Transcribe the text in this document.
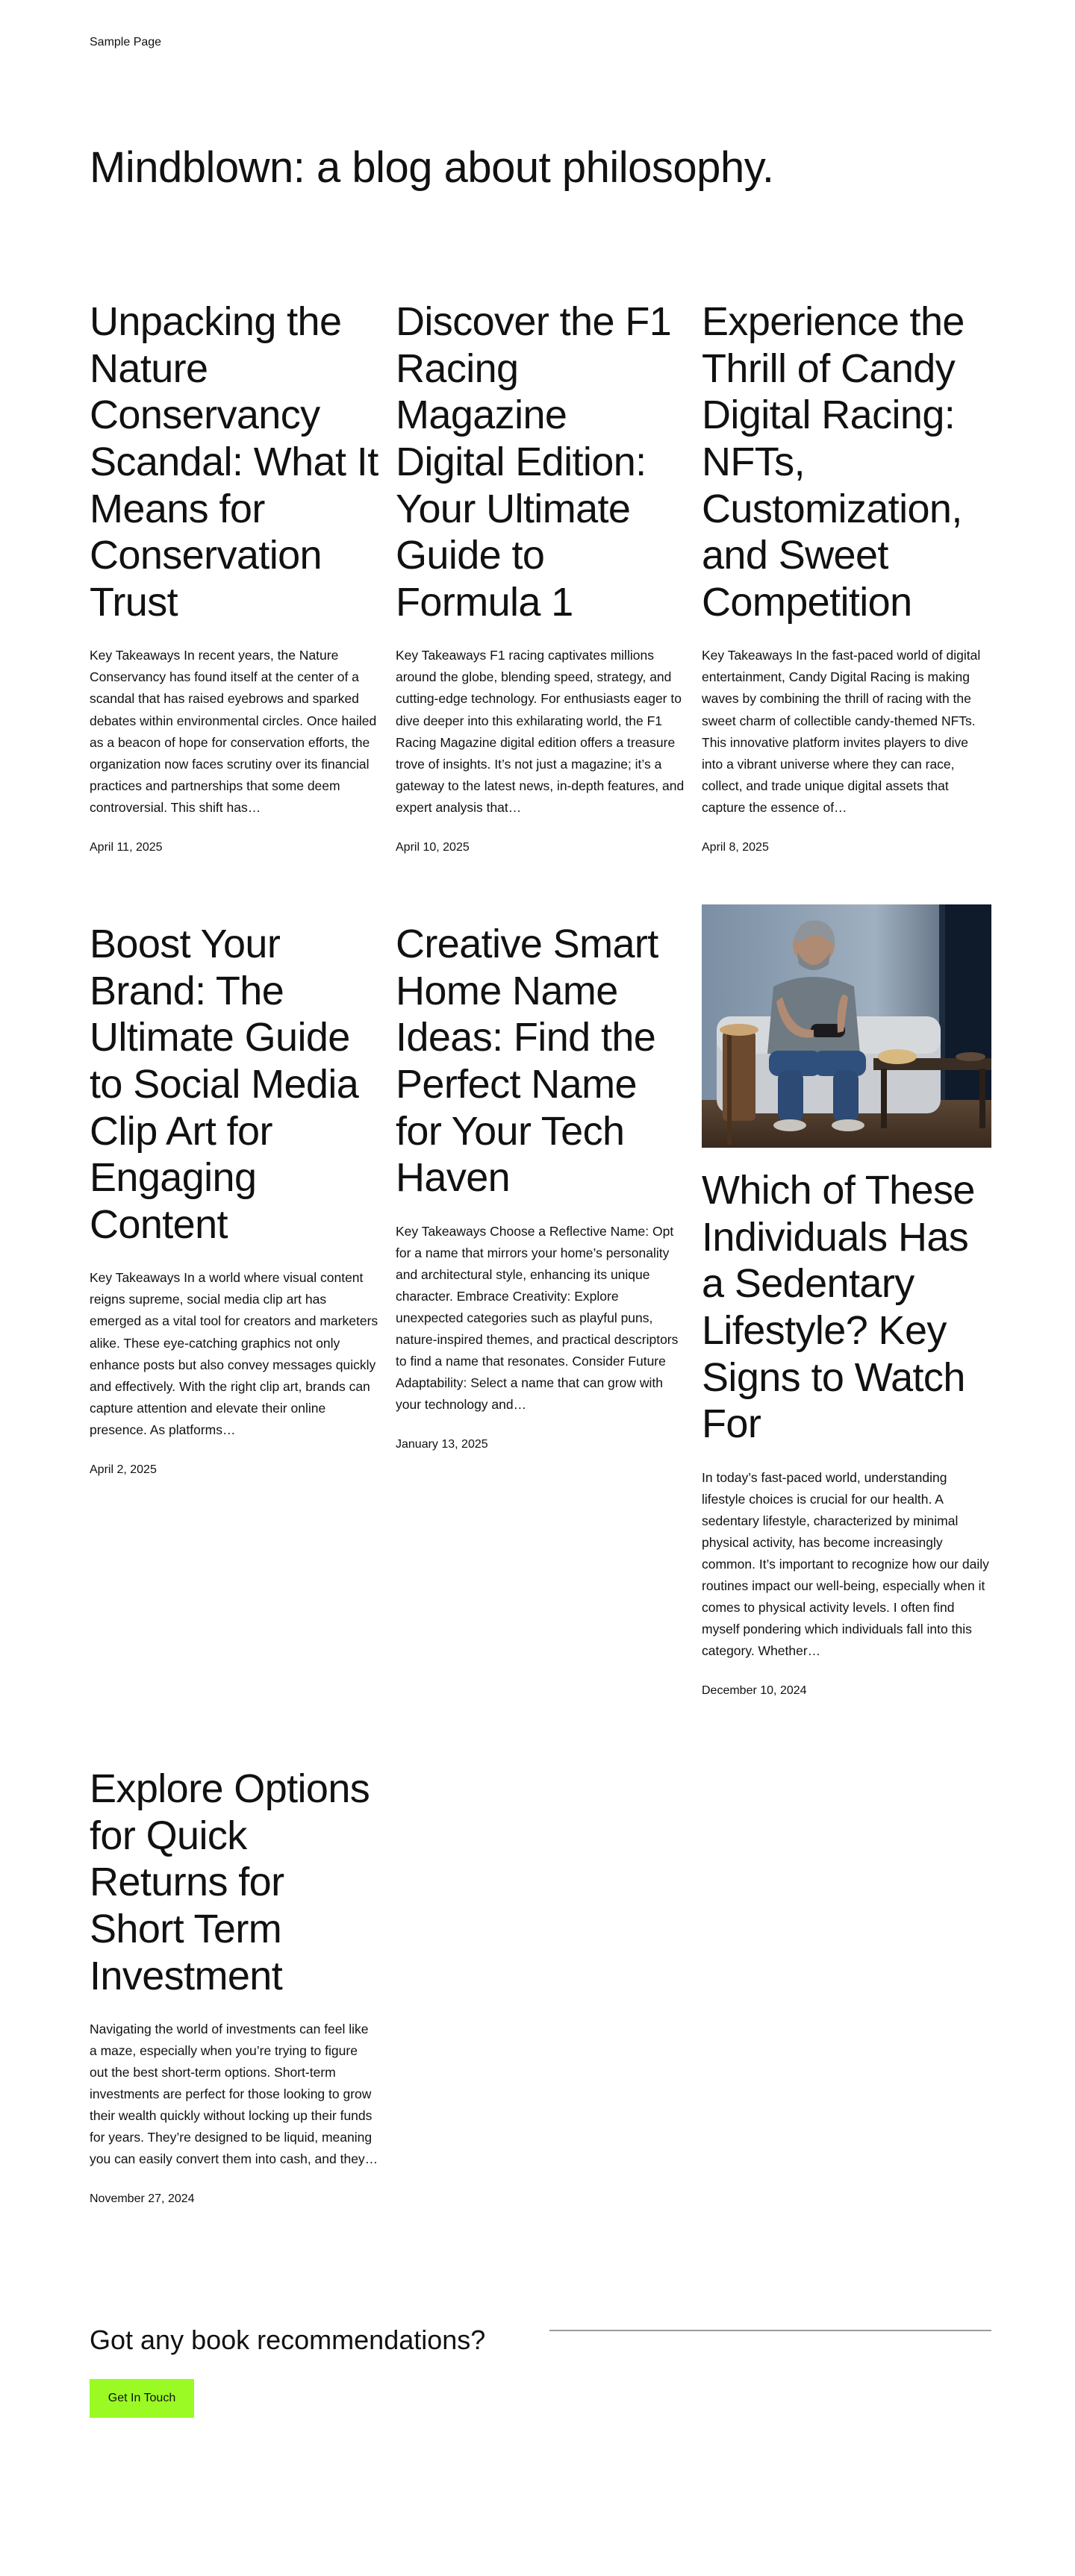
Sample Page
Mindblown: a blog about philosophy.
Unpacking the Nature Conservancy Scandal: What It Means for Conservation Trust

Key Takeaways In recent years, the Nature Conservancy has found itself at the center of a scandal that has raised eyebrows and sparked debates within environmental circles. Once hailed as a beacon of hope for conservation efforts, the organization now faces scrutiny over its financial practices and partnerships that some deem controversial. This shift has…

April 11, 2025

Discover the F1 Racing Magazine Digital Edition: Your Ultimate Guide to Formula 1

Key Takeaways F1 racing captivates millions around the globe, blending speed, strategy, and cutting-edge technology. For enthusiasts eager to dive deeper into this exhilarating world, the F1 Racing Magazine digital edition offers a treasure trove of insights. It’s not just a magazine; it’s a gateway to the latest news, in-depth features, and expert analysis that…

April 10, 2025

Experience the Thrill of Candy Digital Racing: NFTs, Customization, and Sweet Competition

Key Takeaways In the fast-paced world of digital entertainment, Candy Digital Racing is making waves by combining the thrill of racing with the sweet charm of collectible candy-themed NFTs. This innovative platform invites players to dive into a vibrant universe where they can race, collect, and trade unique digital assets that capture the essence of…

April 8, 2025

Boost Your Brand: The Ultimate Guide to Social Media Clip Art for Engaging Content

Key Takeaways In a world where visual content reigns supreme, social media clip art has emerged as a vital tool for creators and marketers alike. These eye-catching graphics not only enhance posts but also convey messages quickly and effectively. With the right clip art, brands can capture attention and elevate their online presence. As platforms…

April 2, 2025

Creative Smart Home Name Ideas: Find the Perfect Name for Your Tech Haven

Key Takeaways Choose a Reflective Name: Opt for a name that mirrors your home’s personality and architectural style, enhancing its unique character. Embrace Creativity: Explore unexpected categories such as playful puns, nature-inspired themes, and practical descriptors to find a name that resonates. Consider Future Adaptability: Select a name that can grow with your technology and…

January 13, 2025

Which of These Individuals Has a Sedentary Lifestyle? Key Signs to Watch For

In today’s fast-paced world, understanding lifestyle choices is crucial for our health. A sedentary lifestyle, characterized by minimal physical activity, has become increasingly common. It’s important to recognize how our daily routines impact our well-being, especially when it comes to physical activity levels. I often find myself pondering which individuals fall into this category. Whether…

December 10, 2024

Explore Options for Quick Returns for Short Term Investment

Navigating the world of investments can feel like a maze, especially when you’re trying to figure out the best short-term options. Short-term investments are perfect for those looking to grow their wealth quickly without locking up their funds for years. They’re designed to be liquid, meaning you can easily convert them into cash, and they…

November 27, 2024

Got any book recommendations?
Get In Touch
